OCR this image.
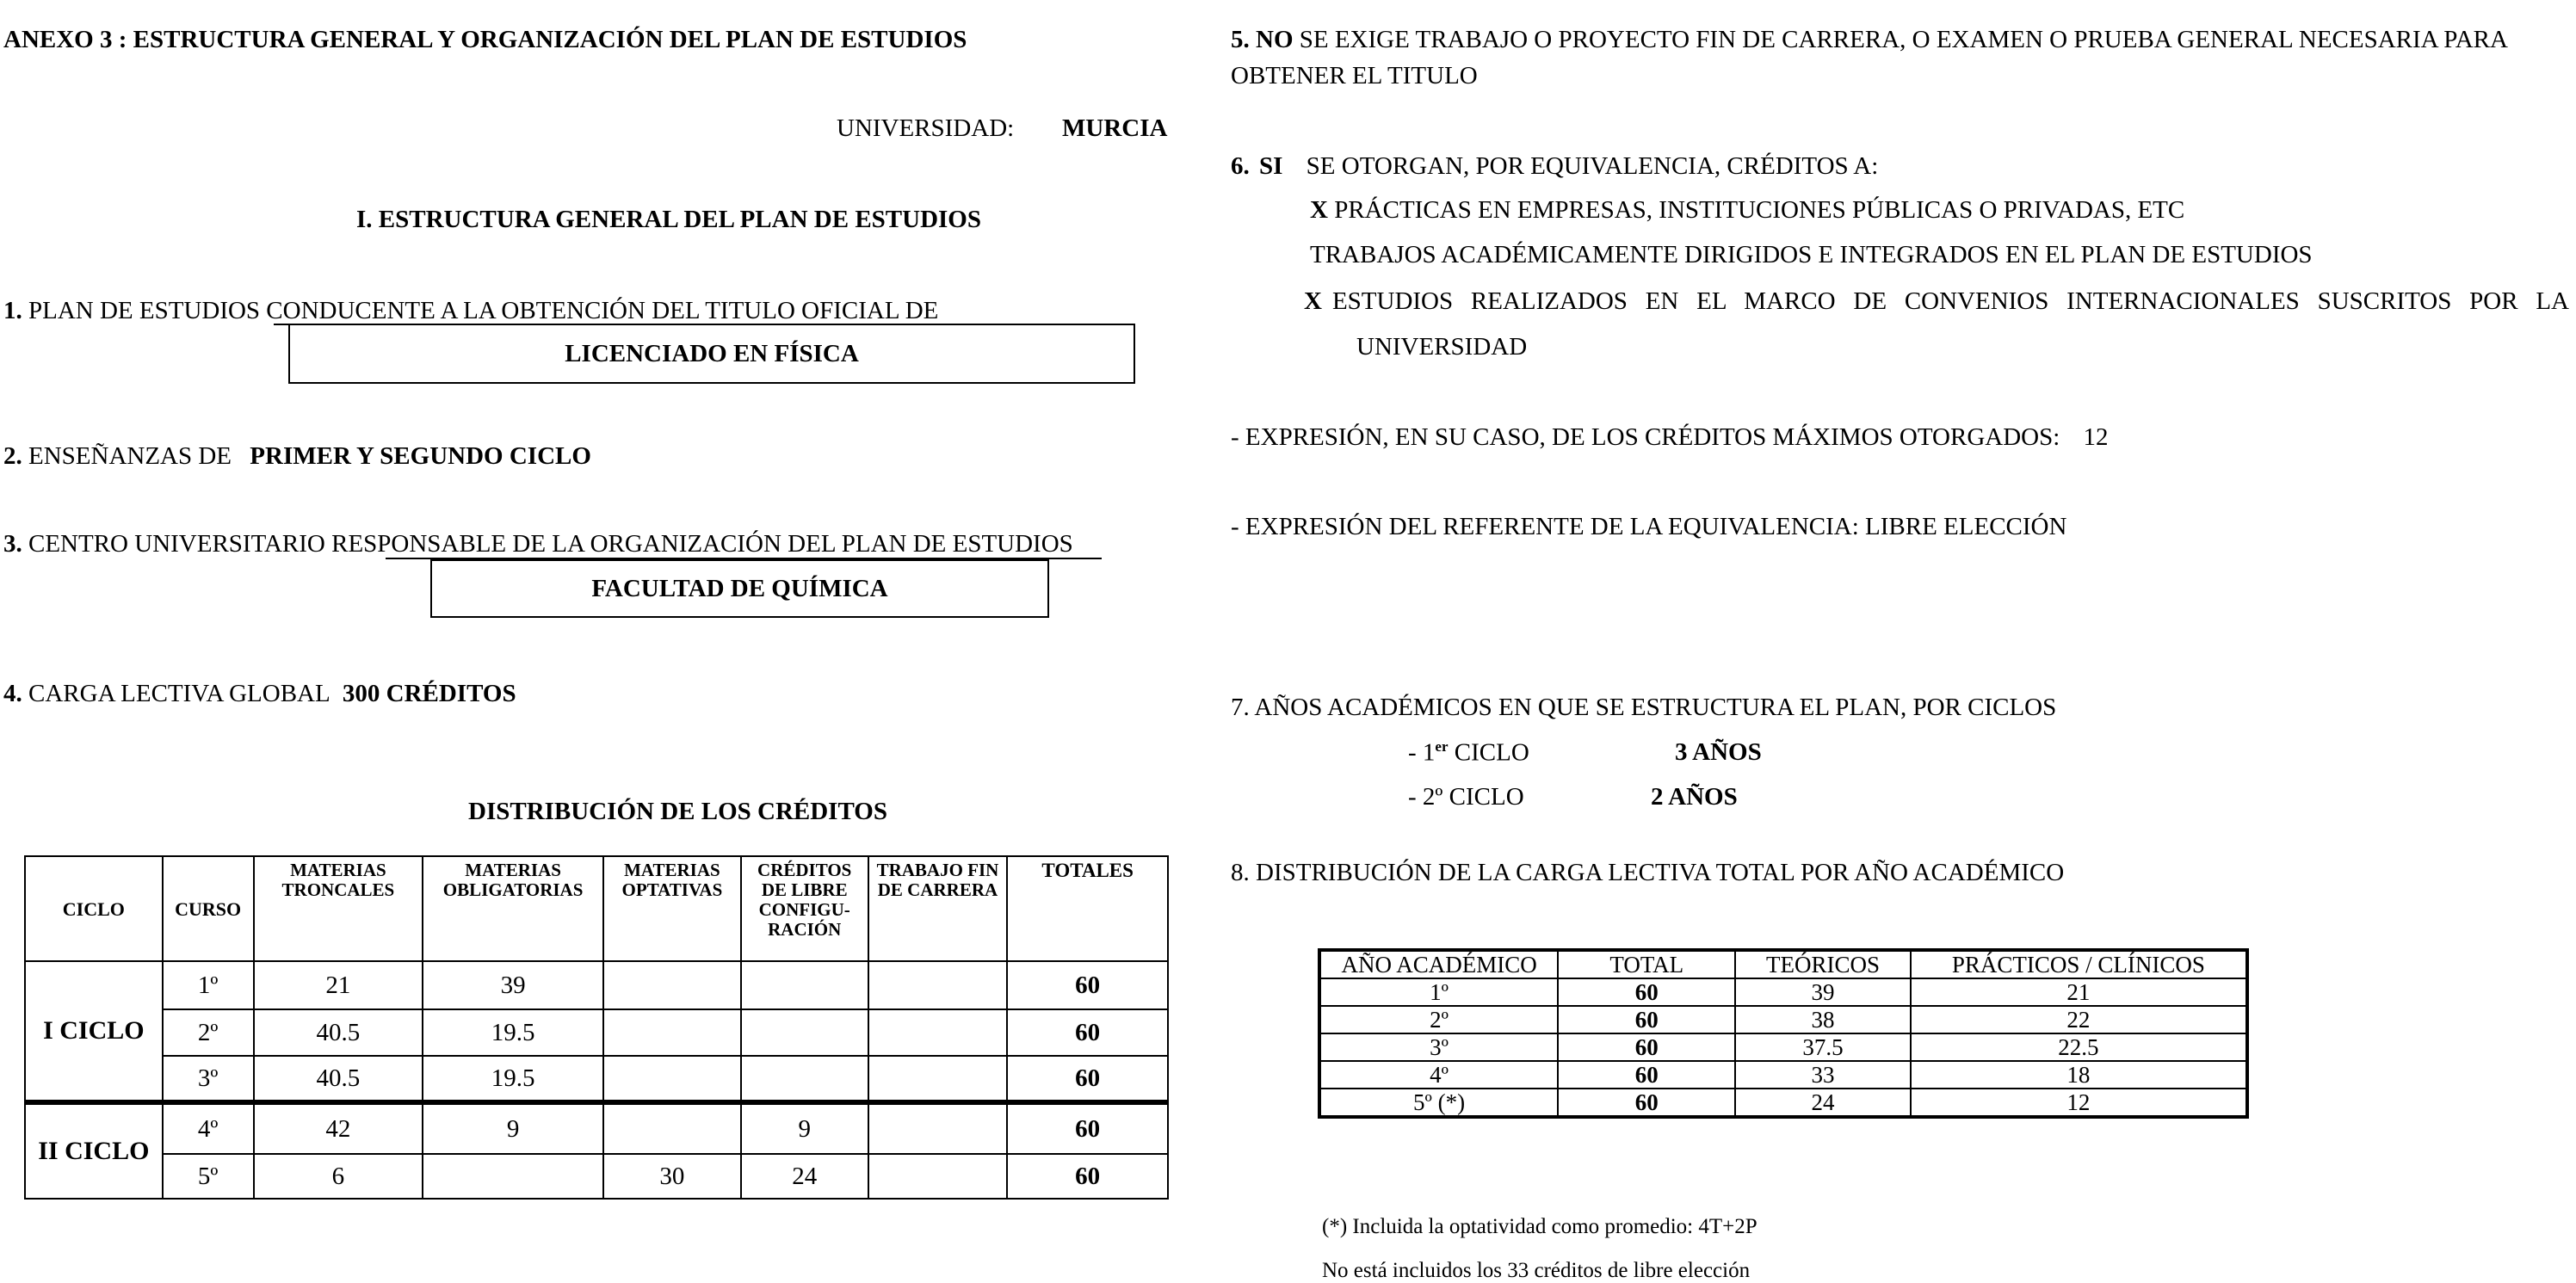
ANEXO 3 : ESTRUCTURA GENERAL Y ORGANIZACIÓN DEL PLAN DE ESTUDIOS
UNIVERSIDAD: MURCIA
I. ESTRUCTURA GENERAL DEL PLAN DE ESTUDIOS
1. PLAN DE ESTUDIOS CONDUCENTE A LA OBTENCIÓN DEL TITULO OFICIAL DE
LICENCIADO EN FÍSICA
2. ENSEÑANZAS DE PRIMER Y SEGUNDO CICLO
3. CENTRO UNIVERSITARIO RESPONSABLE DE LA ORGANIZACIÓN DEL PLAN DE ESTUDIOS
FACULTAD DE QUÍMICA
4. CARGA LECTIVA GLOBAL 300 CRÉDITOS
DISTRIBUCIÓN DE LOS CRÉDITOS
CICLO	CURSO	MATERIAS TRONCALES	MATERIAS OBLIGATORIAS	MATERIAS OPTATIVAS	CRÉDITOS DE LIBRE CONFIGU-RACIÓN	TRABAJO FIN DE CARRERA	TOTALES
I CICLO	1º	21	39				60
	2º	40.5	19.5				60
	3º	40.5	19.5				60
II CICLO	4º	42	9		9		60
	5º	6		30	24		60
5. NO SE EXIGE TRABAJO O PROYECTO FIN DE CARRERA, O EXAMEN O PRUEBA GENERAL NECESARIA PARA
OBTENER EL TITULO
6. SI SE OTORGAN, POR EQUIVALENCIA, CRÉDITOS A:
X PRÁCTICAS EN EMPRESAS, INSTITUCIONES PÚBLICAS O PRIVADAS, ETC
TRABAJOS ACADÉMICAMENTE DIRIGIDOS E INTEGRADOS EN EL PLAN DE ESTUDIOS
X ESTUDIOS REALIZADOS EN EL MARCO DE CONVENIOS INTERNACIONALES SUSCRITOS POR LA
UNIVERSIDAD
- EXPRESIÓN, EN SU CASO, DE LOS CRÉDITOS MÁXIMOS OTORGADOS: 12
- EXPRESIÓN DEL REFERENTE DE LA EQUIVALENCIA: LIBRE ELECCIÓN
7. AÑOS ACADÉMICOS EN QUE SE ESTRUCTURA EL PLAN, POR CICLOS
- 1er CICLO	3 AÑOS
- 2º CICLO	2 AÑOS
8. DISTRIBUCIÓN DE LA CARGA LECTIVA TOTAL POR AÑO ACADÉMICO
AÑO ACADÉMICO	TOTAL	TEÓRICOS	PRÁCTICOS / CLÍNICOS
1º	60	39	21
2º	60	38	22
3º	60	37.5	22.5
4º	60	33	18
5º (*)	60	24	12
(*) Incluida la optatividad como promedio: 4T+2P
No está incluidos los 33 créditos de libre elección
